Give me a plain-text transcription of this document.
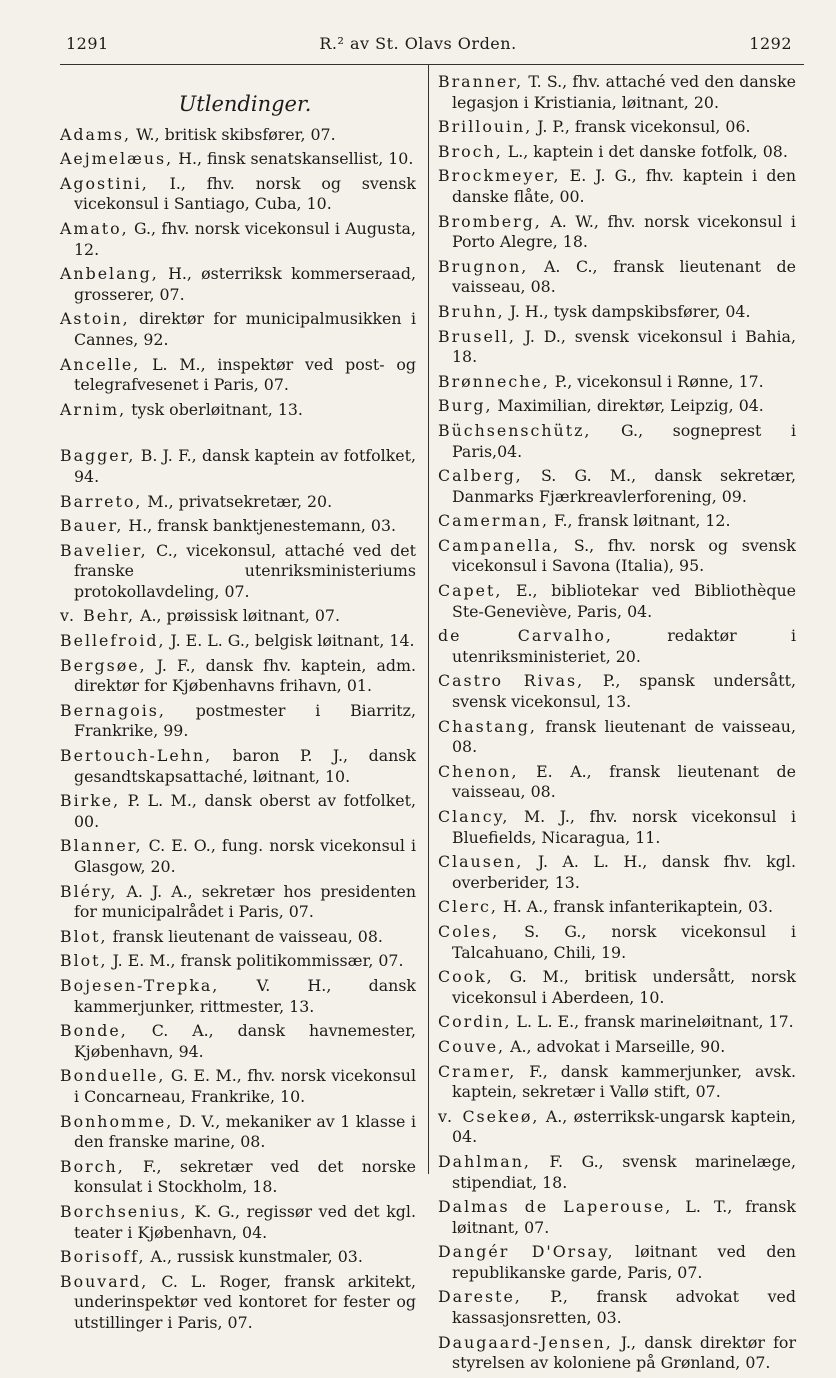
1291	R.² av St. Olavs Orden.	1292
Utlendinger.

Adams, W., britisk skibsfører, 07.

Aejmelæus, H., finsk senatskansellist, 10.

Agostini, I., fhv. norsk og svensk vicekonsul i Santiago, Cuba, 10.

Amato, G., fhv. norsk vicekonsul i Augusta, 12.

Anbelang, H., østerriksk kommerseraad, grosserer, 07.

Astoin, direktør for municipalmusikken i Cannes, 92.

Ancelle, L. M., inspektør ved post- og telegrafvesenet i Paris, 07.

Arnim, tysk oberløitnant, 13.

Bagger, B. J. F., dansk kaptein av fotfolket, 94.

Barreto, M., privatsekretær, 20.

Bauer, H., fransk banktjenestemann, 03.

Bavelier, C., vicekonsul, attaché ved det franske utenriksministeriums protokollavdeling, 07.

v. Behr, A., prøissisk løitnant, 07.

Bellefroid, J. E. L. G., belgisk løitnant, 14.

Bergsøe, J. F., dansk fhv. kaptein, adm. direktør for Kjøbenhavns frihavn, 01.

Bernagois, postmester i Biarritz, Frankrike, 99.

Bertouch-Lehn, baron P. J., dansk gesandtskapsattaché, løitnant, 10.

Birke, P. L. M., dansk oberst av fotfolket, 00.

Blanner, C. E. O., fung. norsk vicekonsul i Glasgow, 20.

Bléry, A. J. A., sekretær hos presidenten for municipalrådet i Paris, 07.

Blot, fransk lieutenant de vaisseau, 08.

Blot, J. E. M., fransk politikommissær, 07.

Bojesen-Trepka, V. H., dansk kammerjunker, rittmester, 13.

Bonde, C. A., dansk havnemester, Kjøbenhavn, 94.

Bonduelle, G. E. M., fhv. norsk vicekonsul i Concarneau, Frankrike, 10.

Bonhomme, D. V., mekaniker av 1 klasse i den franske marine, 08.

Borch, F., sekretær ved det norske konsulat i Stockholm, 18.

Borchsenius, K. G., regissør ved det kgl. teater i Kjøbenhavn, 04.

Borisoff, A., russisk kunstmaler, 03.

Bouvard, C. L. Roger, fransk arkitekt, underinspektør ved kontoret for fester og utstillinger i Paris, 07.

Branner, T. S., fhv. attaché ved den danske legasjon i Kristiania, løitnant, 20.

Brillouin, J. P., fransk vicekonsul, 06.

Broch, L., kaptein i det danske fotfolk, 08.

Brockmeyer, E. J. G., fhv. kaptein i den danske flåte, 00.

Bromberg, A. W., fhv. norsk vicekonsul i Porto Alegre, 18.

Brugnon, A. C., fransk lieutenant de vaisseau, 08.

Bruhn, J. H., tysk dampskibsfører, 04.

Brusell, J. D., svensk vicekonsul i Bahia, 18.

Brønneche, P., vicekonsul i Rønne, 17.

Burg, Maximilian, direktør, Leipzig, 04.

Büchsenschütz, G., sogneprest i Paris,04.

Calberg, S. G. M., dansk sekretær, Danmarks Fjærkreavlerforening, 09.

Camerman, F., fransk løitnant, 12.

Campanella, S., fhv. norsk og svensk vicekonsul i Savona (Italia), 95.

Capet, E., bibliotekar ved Bibliothèque Ste-Geneviève, Paris, 04.

de Carvalho, redaktør i utenriksministeriet, 20.

Castro Rivas, P., spansk undersått, svensk vicekonsul, 13.

Chastang, fransk lieutenant de vaisseau, 08.

Chenon, E. A., fransk lieutenant de vaisseau, 08.

Clancy, M. J., fhv. norsk vicekonsul i Bluefields, Nicaragua, 11.

Clausen, J. A. L. H., dansk fhv. kgl. overberider, 13.

Clerc, H. A., fransk infanterikaptein, 03.

Coles, S. G., norsk vicekonsul i Talcahuano, Chili, 19.

Cook, G. M., britisk undersått, norsk vicekonsul i Aberdeen, 10.

Cordin, L. L. E., fransk marineløitnant, 17.

Couve, A., advokat i Marseille, 90.

Cramer, F., dansk kammerjunker, avsk. kaptein, sekretær i Vallø stift, 07.

v. Csekeø, A., østerriksk-ungarsk kaptein, 04.

Dahlman, F. G., svensk marinelæge, stipendiat, 18.

Dalmas de Laperouse, L. T., fransk løitnant, 07.

Dangér D'Orsay, løitnant ved den republikanske garde, Paris, 07.

Dareste, P., fransk advokat ved kassasjonsretten, 03.

Daugaard-Jensen, J., dansk direktør for styrelsen av koloniene på Grønland, 07.
